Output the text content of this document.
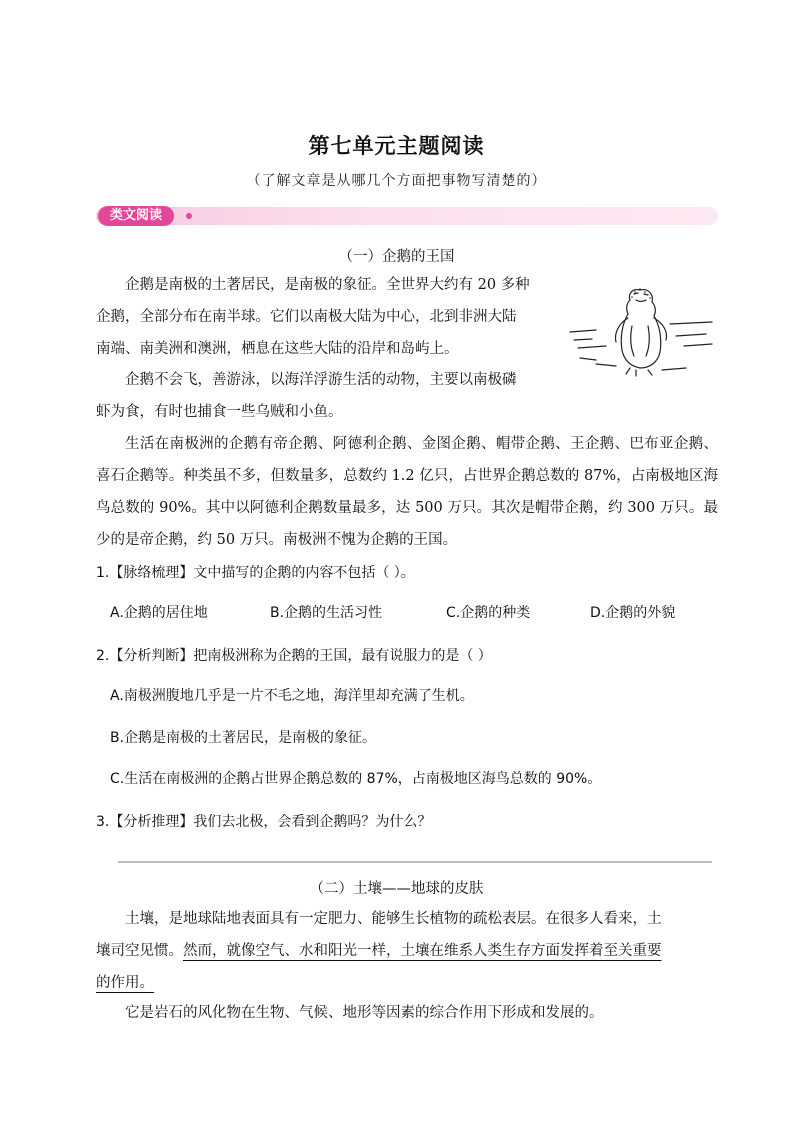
第七单元主题阅读
（了解文章是从哪几个方面把事物写清楚的）
类文阅读
（一）企鹅的王国
企鹅是南极的土著居民，是南极的象征。全世界大约有 20 多种
企鹅，全部分布在南半球。它们以南极大陆为中心，北到非洲大陆
南端、南美洲和澳洲，栖息在这些大陆的沿岸和岛屿上。
企鹅不会飞，善游泳，以海洋浮游生活的动物，主要以南极磷
虾为食，有时也捕食一些乌贼和小鱼。

生活在南极洲的企鹅有帝企鹅、阿德利企鹅、金图企鹅、帽带企鹅、王企鹅、巴布亚企鹅、喜石企鹅等。种类虽不多，但数量多，总数约 1.2 亿只，占世界企鹅总数的 87%，占南极地区海鸟总数的 90%。其中以阿德利企鹅数量最多，达 500 万只。其次是帽带企鹅，约 300 万只。最少的是帝企鹅，约 50 万只。南极洲不愧为企鹅的王国。

1.【脉络梳理】文中描写的企鹅的内容不包括（ ）。
A.企鹅的居住地	B.企鹅的生活习性	C.企鹅的种类	D.企鹅的外貌
2.【分析判断】把南极洲称为企鹅的王国，最有说服力的是（ ）
A.南极洲腹地几乎是一片不毛之地，海洋里却充满了生机。
B.企鹅是南极的土著居民，是南极的象征。
C.生活在南极洲的企鹅占世界企鹅总数的 87%，占南极地区海鸟总数的 90%。
3.【分析推理】我们去北极，会看到企鹅吗？为什么？
（二）土壤——地球的皮肤
土壤，是地球陆地表面具有一定肥力、能够生长植物的疏松表层。在很多人看来，土
壤司空见惯。然而，就像空气、水和阳光一样，土壤在维系人类生存方面发挥着至关重要
的作用。

它是岩石的风化物在生物、气候、地形等因素的综合作用下形成和发展的。
